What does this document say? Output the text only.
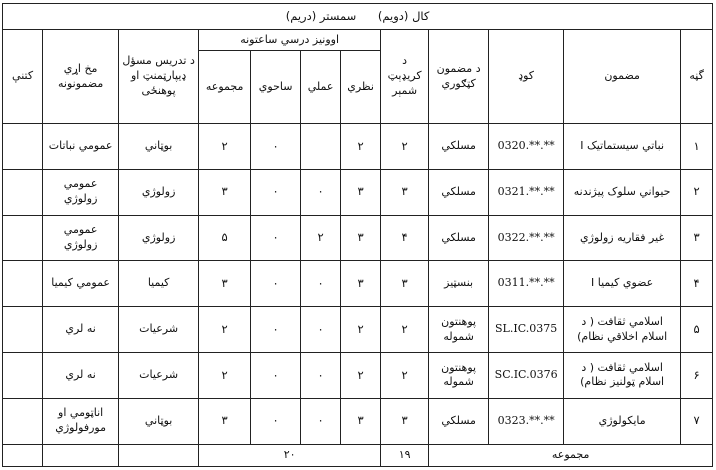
کال (دویم) سمستر (دریم)											
گڼه	مضمون	کوډ	د مضمون کټګوري	د کریډېټ شمېر	اوونيز درسي ساعتونه				د تدریس مسؤل ډيپارټمنټ او پوهنځی	مخ اړي مضمونونه	کتنې
					نظري	عملي	ساحوي	مجموعه			
۱	نباتي سيستماتيک I	0320.**.**	مسلكي	۲	۲		۰	۲	بوټاني	عمومي نباتات	
۲	حيواني سلوک پيژندنه	0321.**.**	مسلكي	۳	۳	۰	۰	۳	زولوژي	عمومي زولوژي	
۳	غير فقاريه زولوژي	0322.**.**	مسلكي	۴	۳	۲	۰	۵	زولوژي	عمومي زولوژي	
۴	عضوي کيميا I	0311.**.**	بنسټيز	۳	۳	۰	۰	۳	کيميا	عمومي کيميا	
۵	اسلامي ثقافت ( د اسلام اخلاقي نظام)	SL.IC.0375	پوهنتون شموله	۲	۲	۰	۰	۲	شرعيات	نه لري	
۶	اسلامي ثقافت ( د اسلام ټولنيز نظام)	SC.IC.0376	پوهنتون شموله	۲	۲	۰	۰	۲	شرعيات	نه لري	
۷	مايکولوژي	0323.**.**	مسلكي	۳	۳	۰	۰	۳	بوټاني	اناټومي او مورفولوژي	
مجموعه				۱۹	۲۰						
